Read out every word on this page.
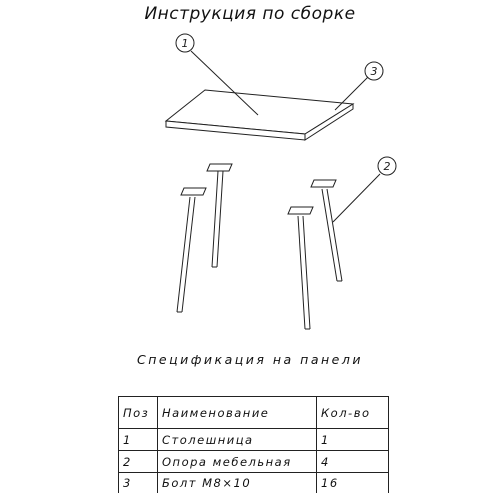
Инструкция по сборке
1
3
2
Спецификация на панели
Поз	Наименование	Кол-во
1	Столешница	1
2	Опора мебельная	4
3	Болт М8×10	16
